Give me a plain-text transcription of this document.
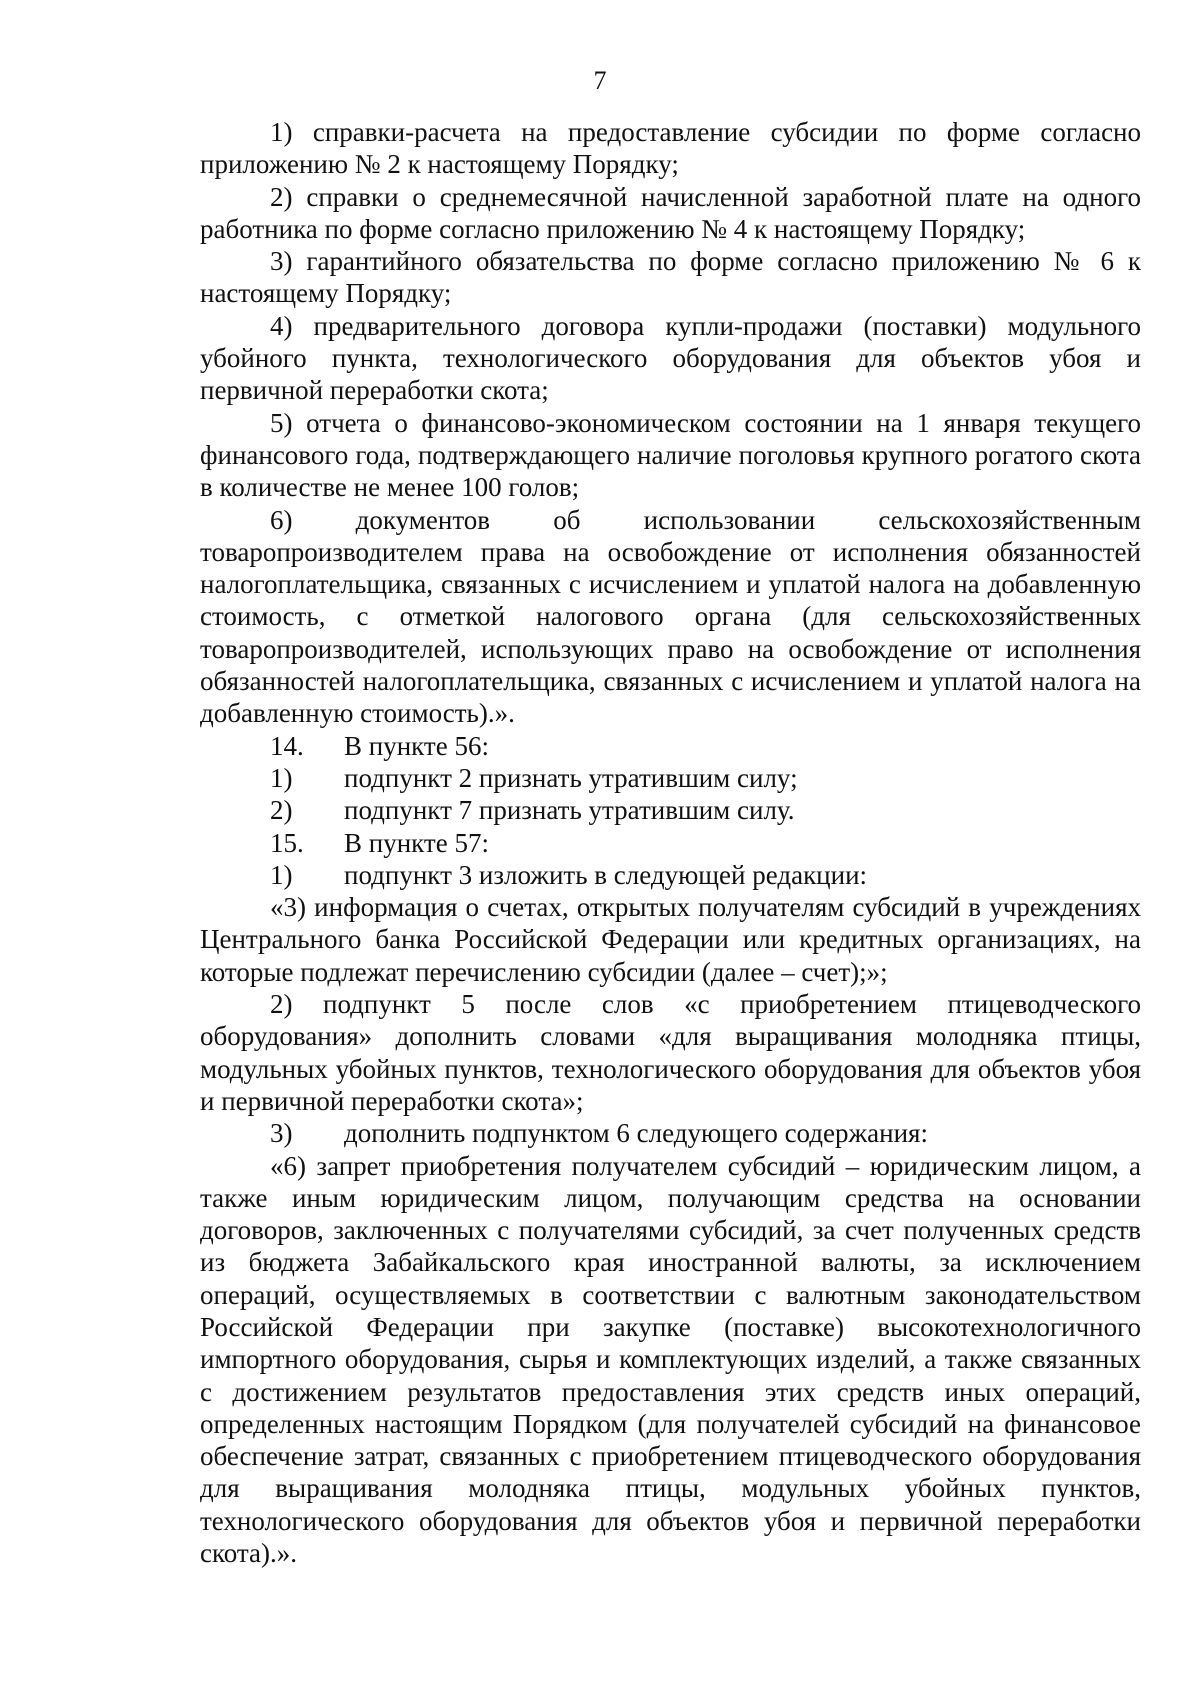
7

1) справки-расчета на предоставление субсидии по форме согласно приложению № 2 к настоящему Порядку;

2) справки о среднемесячной начисленной заработной плате на одного работника по форме согласно приложению № 4 к настоящему Порядку;

3) гарантийного обязательства по форме согласно приложению № 6 к настоящему Порядку;

4) предварительного договора купли-продажи (поставки) модульного убойного пункта, технологического оборудования для объектов убоя и первичной переработки скота;

5) отчета о финансово-экономическом состоянии на 1 января текущего финансового года, подтверждающего наличие поголовья крупного рогатого скота в количестве не менее 100 голов;

6) документов об использовании сельскохозяйственным товаропроизводителем права на освобождение от исполнения обязанностей налогоплательщика, связанных с исчислением и уплатой налога на добавленную стоимость, с отметкой налогового органа (для сельскохозяйственных товаропроизводителей, использующих право на освобождение от исполнения обязанностей налогоплательщика, связанных с исчислением и уплатой налога на добавленную стоимость).».

14.	В пункте 56:
1)	подпункт 2 признать утратившим силу;
2)	подпункт 7 признать утратившим силу.
15.	В пункте 57:
1)	подпункт 3 изложить в следующей редакции:

«3) информация о счетах, открытых получателям субсидий в учреждениях Центрального банка Российской Федерации или кредитных организациях, на которые подлежат перечислению субсидии (далее – счет);»;

2) подпункт 5 после слов «с приобретением птицеводческого оборудования» дополнить словами «для выращивания молодняка птицы, модульных убойных пунктов, технологического оборудования для объектов убоя и первичной переработки скота»;

3)	дополнить подпунктом 6 следующего содержания:

«6) запрет приобретения получателем субсидий – юридическим лицом, а также иным юридическим лицом, получающим средства на основании договоров, заключенных с получателями субсидий, за счет полученных средств из бюджета Забайкальского края иностранной валюты, за исключением операций, осуществляемых в соответствии с валютным законодательством Российской Федерации при закупке (поставке) высокотехнологичного импортного оборудования, сырья и комплектующих изделий, а также связанных с достижением результатов предоставления этих средств иных операций, определенных настоящим Порядком (для получателей субсидий на финансовое обеспечение затрат, связанных с приобретением птицеводческого оборудования для выращивания молодняка птицы, модульных убойных пунктов, технологического оборудования для объектов убоя и первичной переработки скота).».
